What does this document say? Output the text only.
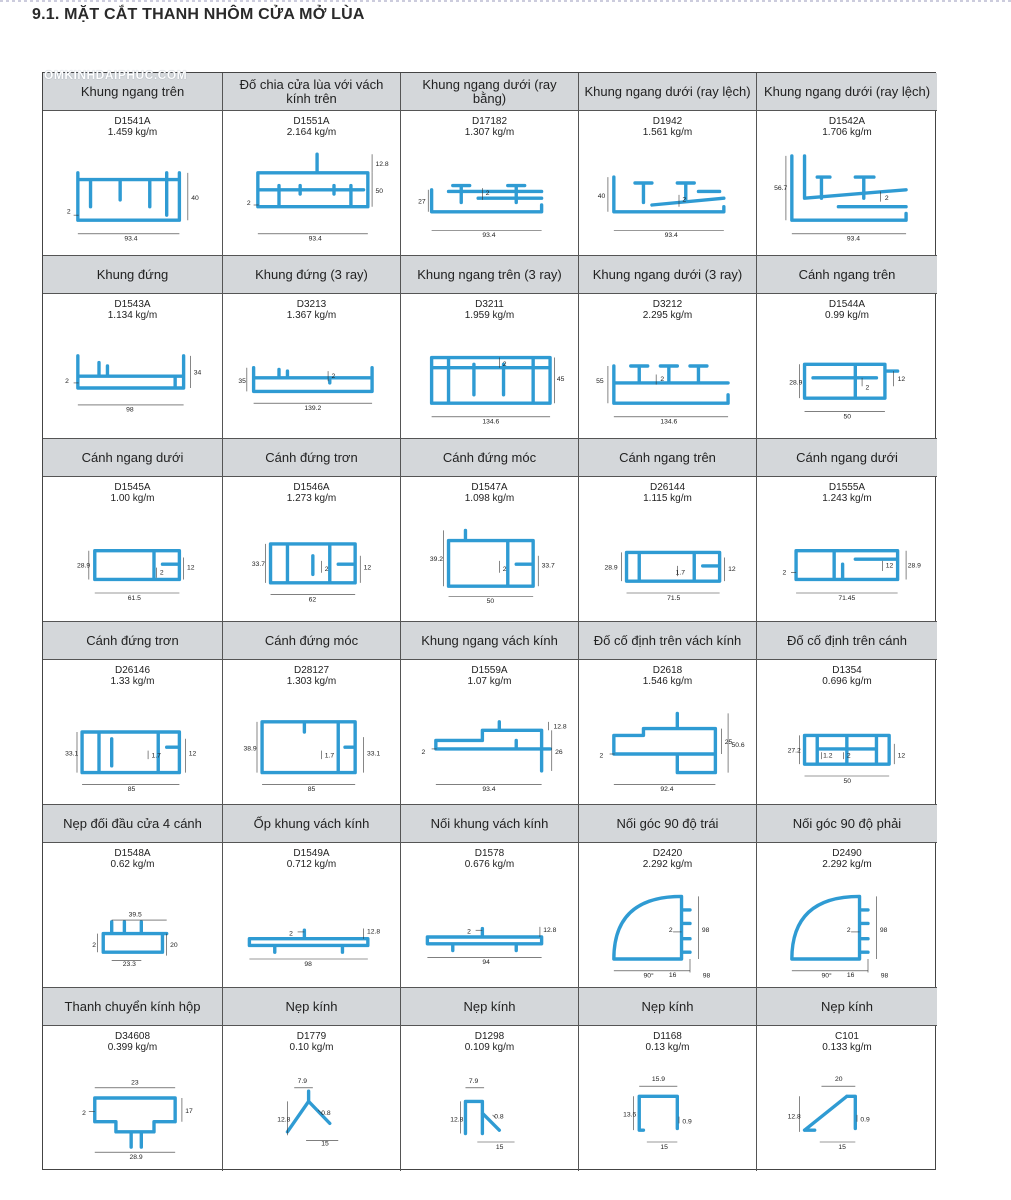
9.1. MẶT CẮT THANH NHÔM CỬA MỞ LÙA
OMKINHDAIPHUC.COM
Khung ngang trên
D1541A
1.459 kg/m
2
40
93.4
Đố chia cửa lùa với vách kính trên
D1551A
2.164 kg/m
12.8
2
50
93.4
Khung ngang dưới (ray bằng)
D17182
1.307 kg/m
27
2
93.4
Khung ngang dưới (ray lệch)
D1942
1.561 kg/m
40	2
93.4
Khung ngang dưới (ray lệch)
D1542A
1.706 kg/m
56.7
2
93.4
Khung đứng
D1543A
1.134 kg/m
2
34
98
Khung đứng (3 ray)
D3213
1.367 kg/m
35
2
139.2
Khung ngang trên (3 ray)
D3211
1.959 kg/m
2
45
134.6
Khung ngang dưới (3 ray)
D3212
2.295 kg/m
55	2
134.6
Cánh ngang trên
D1544A
0.99 kg/m
28.9
2
12
50
Cánh ngang dưới
D1545A
1.00 kg/m
28.9
2
12
61.5
Cánh đứng trơn
D1546A
1.273 kg/m
33.7
2	12
62
Cánh đứng móc
D1547A
1.098 kg/m
39.2
2	33.7
50
Cánh ngang trên
D26144
1.115 kg/m
28.9
1.7	12
71.5
Cánh ngang dưới
D1555A
1.243 kg/m
2
12 28.9
71.45
Cánh đứng trơn
D26146
1.33 kg/m
33.1	1.7	12
85
Cánh đứng móc
D28127
1.303 kg/m
38.9
1.7	33.1
85
Khung ngang vách kính
D1559A
1.07 kg/m
2
12.8
26
93.4
Đố cố định trên vách kính
D2618
1.546 kg/m
2
25 50.6
92.4
Đố cố định trên cánh
D1354
0.696 kg/m
27.2
1.2 2	12
50
Nẹp đối đầu cửa 4 cánh
D1548A
0.62 kg/m
39.5
2	20
23.3
Ốp khung vách kính
D1549A
0.712 kg/m
2	12.8
98
Nối khung vách kính
D1578
0.676 kg/m
2	12.8
94
Nối góc 90 độ trái
D2420
2.292 kg/m
2	98
90°	98
16
Nối góc 90 độ phải
D2490
2.292 kg/m
2	98
90°	98
16
Thanh chuyển kính hộp
D34608
0.399 kg/m
23
2	17
28.9
Nẹp kính
D1779
0.10 kg/m
7.9
12.8
0.8
15
Nẹp kính
D1298
0.109 kg/m
7.9
12.8	0.8
15
Nẹp kính
D1168
0.13 kg/m
15.9
13.6
0.9
15
Nẹp kính
C101
0.133 kg/m
20
12.8	0.9
15
